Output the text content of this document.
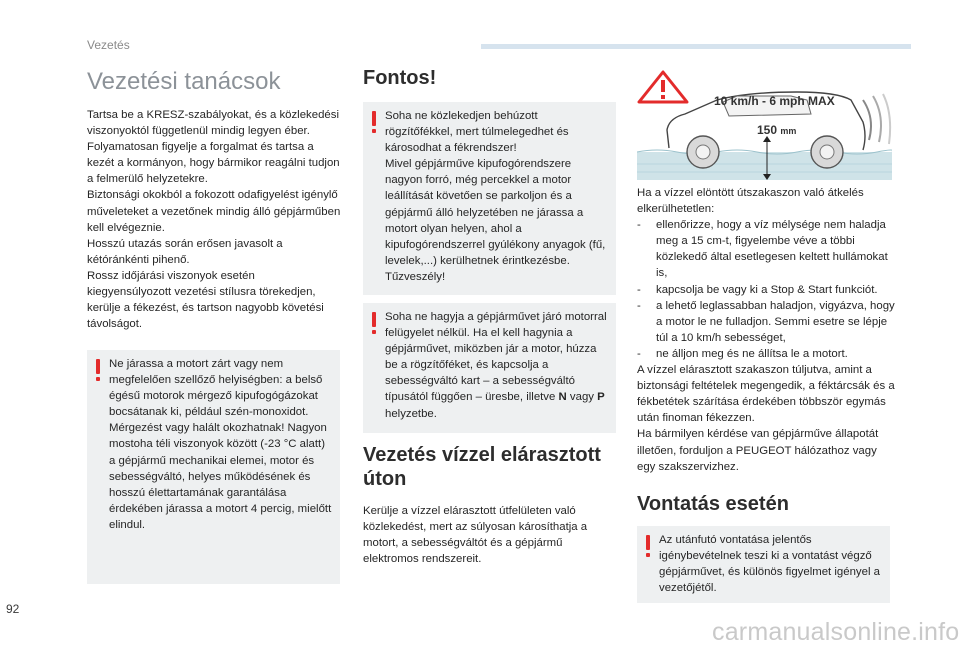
Vezetés
Vezetési tanácsok

Tartsa be a KRESZ-szabályokat, és a közlekedési viszonyoktól függetlenül mindig legyen éber.

Folyamatosan figyelje a forgalmat és tartsa a kezét a kormányon, hogy bármikor reagálni tudjon a felmerülő helyzetekre.

Biztonsági okokból a fokozott odafigyelést igénylő műveleteket a vezetőnek mindig álló gépjárműben kell elvégeznie.

Hosszú utazás során erősen javasolt a kétóránkénti pihenő.

Rossz időjárási viszonyok esetén kiegyensúlyozott vezetési stílusra törekedjen, kerülje a fékezést, és tartson nagyobb követési távolságot.

Ne járassa a motort zárt vagy nem megfelelően szellőző helyiségben: a belső égésű motorok mérgező kipufogógázokat bocsátanak ki, például szén-monoxidot. Mérgezést vagy halált okozhatnak! Nagyon mostoha téli viszonyok között (-23 °C alatt) a gépjármű mechanikai elemei, motor és sebességváltó, helyes működésének és hosszú élettartamának garantálása érdekében járassa a motort 4 percig, mielőtt elindul.
Fontos!

Soha ne közlekedjen behúzott rögzítőfékkel, mert túlmelegedhet és károsodhat a fékrendszer!

Mivel gépjárműve kipufogórendszere nagyon forró, még percekkel a motor leállítását követően se parkoljon és a gépjármű álló helyzetében ne járassa a motort olyan helyen, ahol a kipufogórendszerrel gyúlékony anyagok (fű, levelek,...) kerülhetnek érintkezésbe. Tűzveszély!

Soha ne hagyja a gépjárművet járó motorral felügyelet nélkül. Ha el kell hagynia a gépjárművet, miközben jár a motor, húzza be a rögzítőféket, és kapcsolja a sebességváltó kart – a sebességváltó típusától függően – üresbe, illetve N vagy P helyzetbe.
Vezetés vízzel elárasztott úton
Kerülje a vízzel elárasztott útfelületen való közlekedést, mert az súlyosan károsíthatja a motort, a sebességváltót és a gépjármű elektromos rendszereit.
10 km/h - 6 mph MAX
150 mm
Ha a vízzel elöntött útszakaszon való átkelés elkerülhetetlen:
- ellenőrizze, hogy a víz mélysége nem haladja meg a 15 cm-t, figyelembe véve a többi közlekedő által esetlegesen keltett hullámokat is,
- kapcsolja be vagy ki a Stop & Start funkciót.
- a lehető leglassabban haladjon, vigyázva, hogy a motor le ne fulladjon. Semmi esetre se lépje túl a 10 km/h sebességet,
- ne álljon meg és ne állítsa le a motort.

A vízzel elárasztott szakaszon túljutva, amint a biztonsági feltételek megengedik, a féktárcsák és a fékbetétek szárítása érdekében többször egymás után finoman fékezzen.

Ha bármilyen kérdése van gépjárműve állapotát illetően, forduljon a PEUGEOT hálózathoz vagy egy szakszervizhez.

Vontatás esetén
Az utánfutó vontatása jelentős igénybevételnek teszi ki a vontatást végző gépjárművet, és különös figyelmet igényel a vezetőjétől.
92
carmanualsonline.info
